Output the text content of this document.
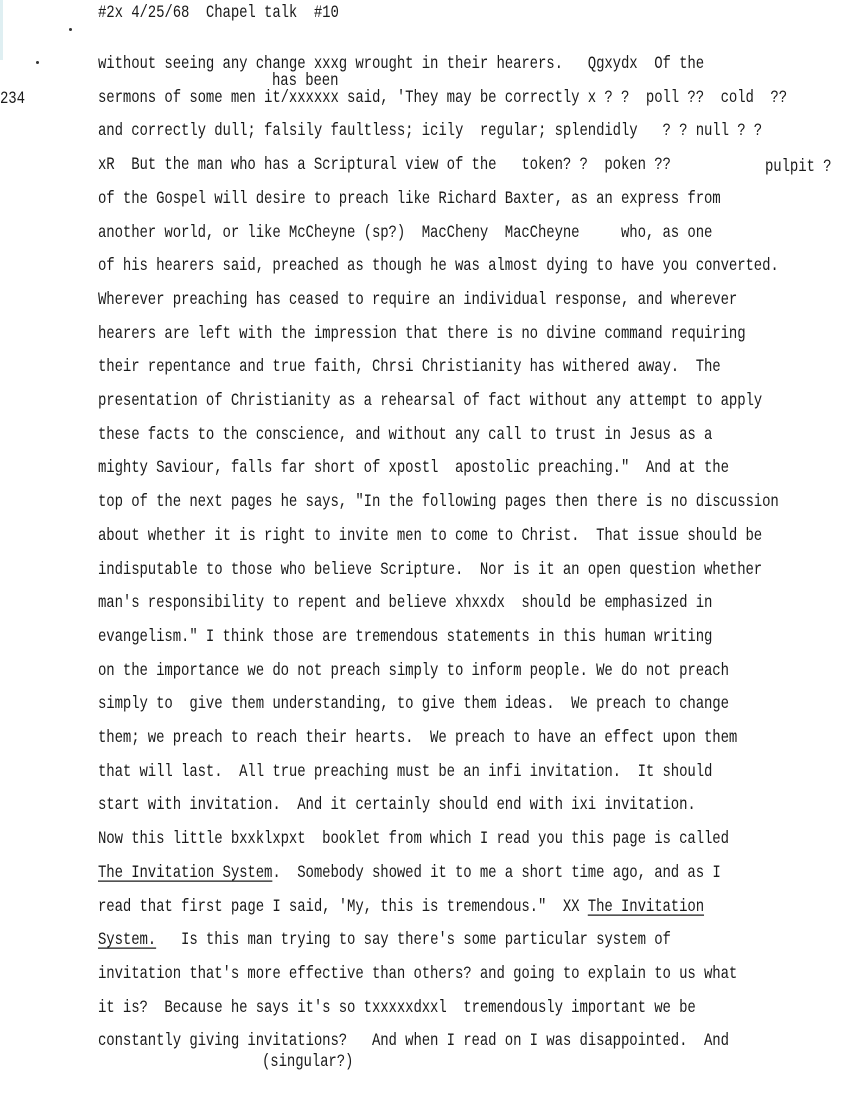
#2x 4/25/68  Chapel talk  #10
234
has been
pulpit ?
(singular?)
without seeing any change xxxg wrought in their hearers.   Qgxydx  Of the
sermons of some men it/xxxxxx said, 'They may be correctly x ? ?  poll ??  cold  ??
and correctly dull; falsily faultless; icily  regular; splendidly   ? ? null ? ?
xR  But the man who has a Scriptural view of the   token? ?  poken ??
of the Gospel will desire to preach like Richard Baxter, as an express from
another world, or like McCheyne (sp?)  MacCheny  MacCheyne     who, as one
of his hearers said, preached as though he was almost dying to have you converted.
Wherever preaching has ceased to require an individual response, and wherever
hearers are left with the impression that there is no divine command requiring
their repentance and true faith, Chrsi Christianity has withered away.  The
presentation of Christianity as a rehearsal of fact without any attempt to apply
these facts to the conscience, and without any call to trust in Jesus as a
mighty Saviour, falls far short of xpostl  apostolic preaching."  And at the
top of the next pages he says, "In the following pages then there is no discussion
about whether it is right to invite men to come to Christ.  That issue should be
indisputable to those who believe Scripture.  Nor is it an open question whether
man's responsibility to repent and believe xhxxdx  should be emphasized in
evangelism." I think those are tremendous statements in this human writing
on the importance we do not preach simply to inform people. We do not preach
simply to  give them understanding, to give them ideas.  We preach to change
them; we preach to reach their hearts.  We preach to have an effect upon them
that will last.  All true preaching must be an infi invitation.  It should
start with invitation.  And it certainly should end with ixi invitation.
Now this little bxxklxpxt  booklet from which I read you this page is called
The Invitation System.  Somebody showed it to me a short time ago, and as I
read that first page I said, 'My, this is tremendous."  XX The Invitation
System.   Is this man trying to say there's some particular system of
invitation that's more effective than others? and going to explain to us what
it is?  Because he says it's so txxxxxdxxl  tremendously important we be
constantly giving invitations?   And when I read on I was disappointed.  And
